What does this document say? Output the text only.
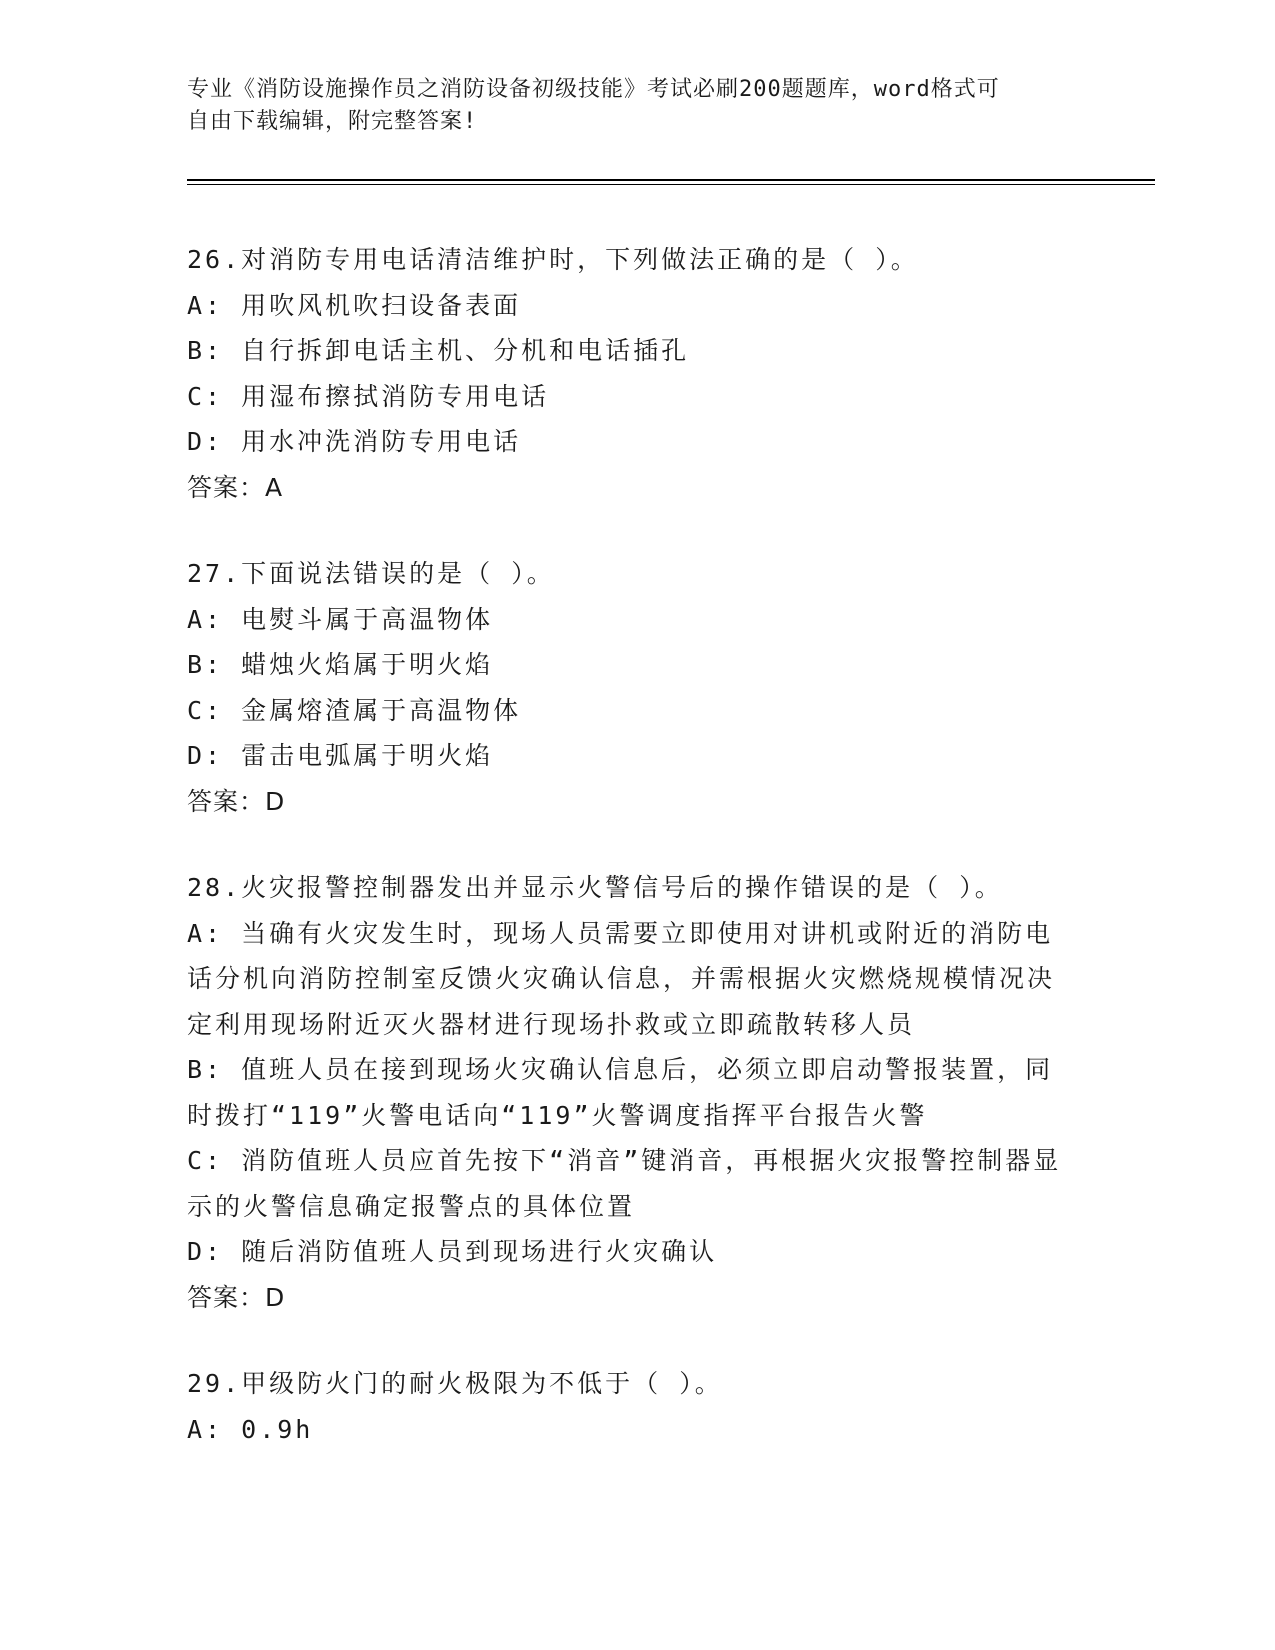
专业《消防设施操作员之消防设备初级技能》考试必刷200题题库，word格式可
自由下载编辑，附完整答案!
26.对消防专用电话清洁维护时，下列做法正确的是（ ）。
A: 用吹风机吹扫设备表面
B: 自行拆卸电话主机、分机和电话插孔
C: 用湿布擦拭消防专用电话
D: 用水冲洗消防专用电话
答案：A
27.下面说法错误的是（ ）。
A: 电熨斗属于高温物体
B: 蜡烛火焰属于明火焰
C: 金属熔渣属于高温物体
D: 雷击电弧属于明火焰
答案：D
28.火灾报警控制器发出并显示火警信号后的操作错误的是（ ）。
A: 当确有火灾发生时，现场人员需要立即使用对讲机或附近的消防电话分机向消防控制室反馈火灾确认信息，并需根据火灾燃烧规模情况决定利用现场附近灭火器材进行现场扑救或立即疏散转移人员
B: 值班人员在接到现场火灾确认信息后，必须立即启动警报装置，同时拨打“119”火警电话向“119”火警调度指挥平台报告火警
C: 消防值班人员应首先按下“消音”键消音，再根据火灾报警控制器显示的火警信息确定报警点的具体位置
D: 随后消防值班人员到现场进行火灾确认
答案：D
29.甲级防火门的耐火极限为不低于（ ）。
A: 0.9h
